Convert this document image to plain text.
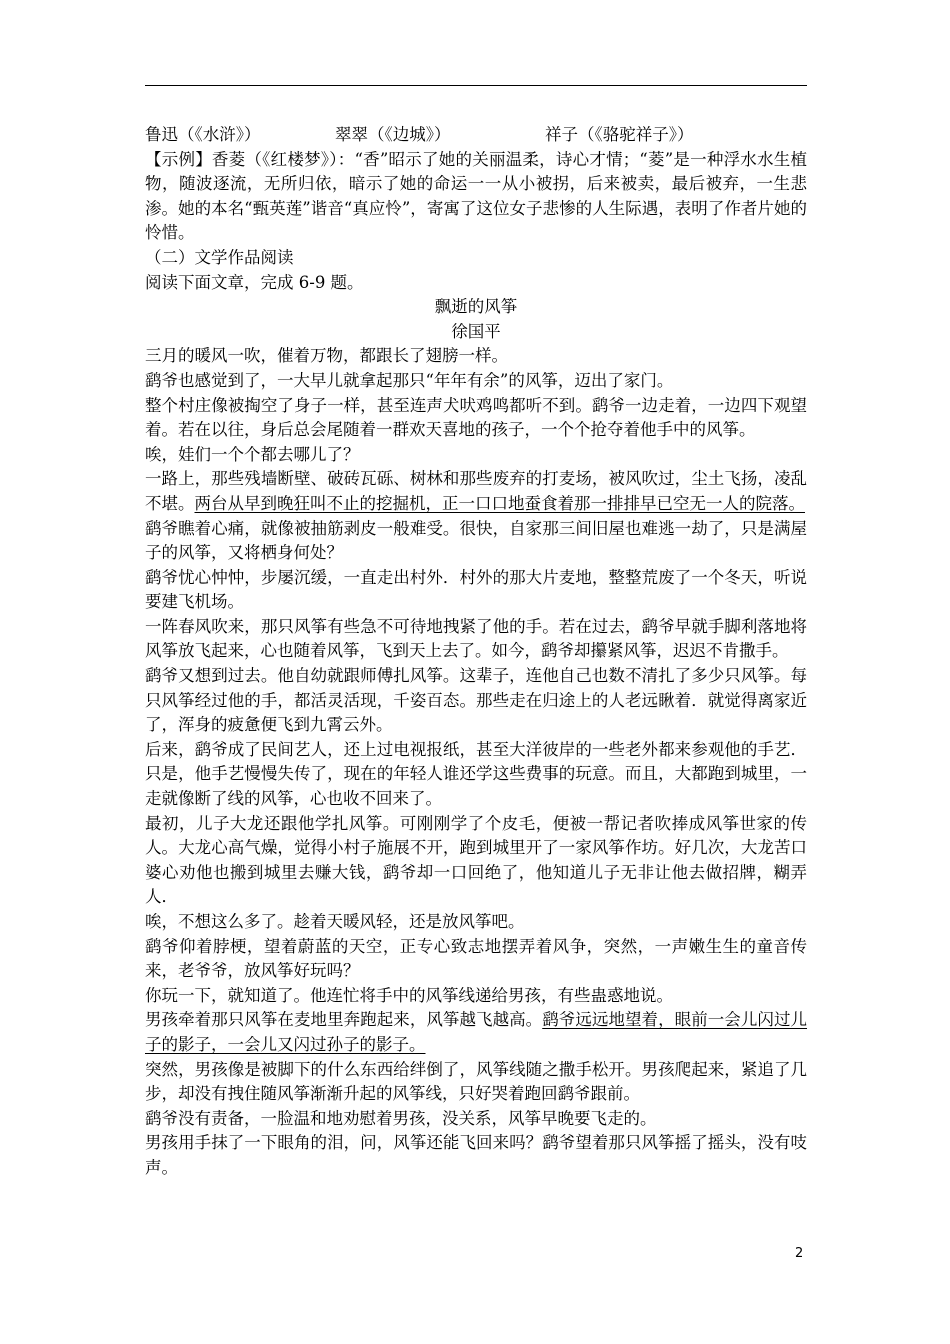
鲁迅（《水浒》）	翠翠（《边城》）	祥子（《骆驼祥子》）

【示例】香菱（《红楼梦》）：“香”昭示了她的关丽温柔，诗心才情；“菱”是一种浮水水生植物，随波逐流，无所归依，暗示了她的命运一一从小被拐，后来被卖，最后被弃，一生悲渗。她的本名“甄英莲”谐音“真应怜”，寄寓了这位女子悲惨的人生际遇，表明了作者片她的怜惜。

（二）文学作品阅读

阅读下面文章，完成 6-9 题。

飘逝的风筝

徐国平

三月的暖风一吹，催着万物，都跟长了翅膀一样。

鹞爷也感觉到了，一大早儿就拿起那只“年年有余”的风筝，迈出了家门。

整个村庄像被掏空了身子一样，甚至连声犬吠鸡鸣都听不到。鹞爷一边走着，一边四下观望着。若在以往，身后总会尾随着一群欢天喜地的孩子，一个个抢夺着他手中的风筝。

唉，娃们一个个都去哪儿了？

一路上，那些残墙断壁、破砖瓦砾、树林和那些废弃的打麦场，被风吹过，尘土飞扬，凌乱不堪。两台从早到晚狂叫不止的挖掘机，正一口口地蚕食着那一排排早已空无一人的院落。

鹞爷瞧着心痛，就像被抽筋剥皮一般难受。很快，自家那三间旧屋也难逃一劫了，只是满屋子的风筝，又将栖身何处？

鹞爷忧心忡忡，步屡沉缓，一直走出村外．村外的那大片麦地，整整荒废了一个冬天，听说要建飞机场。

一阵春风吹来，那只风筝有些急不可待地拽紧了他的手。若在过去，鹞爷早就手脚利落地将风筝放飞起来，心也随着风筝，飞到天上去了。如今，鹞爷却攥紧风筝，迟迟不肯撒手。

鹞爷又想到过去。他自幼就跟师傅扎风筝。这辈子，连他自己也数不清扎了多少只风筝。每只风筝经过他的手，都活灵活现，千姿百态。那些走在归途上的人老远瞅着．就觉得离家近了，浑身的疲惫便飞到九霄云外。

后来，鹞爷成了民间艺人，还上过电视报纸，甚至大洋彼岸的一些老外都来参观他的手艺．只是，他手艺慢慢失传了，现在的年轻人谁还学这些费事的玩意。而且，大都跑到城里，一走就像断了线的风筝，心也收不回来了。

最初，儿子大龙还跟他学扎风筝。可刚刚学了个皮毛，便被一帮记者吹捧成风筝世家的传人。大龙心高气燥，觉得小村子施展不开，跑到城里开了一家风筝作坊。好几次，大龙苦口婆心劝他也搬到城里去赚大钱，鹞爷却一口回绝了，他知道儿子无非让他去做招牌，糊弄人．

唉，不想这么多了。趁着天暖风轻，还是放风筝吧。

鹞爷仰着脖梗，望着蔚蓝的天空，正专心致志地摆弄着风争，突然，一声嫩生生的童音传来，老爷爷，放风筝好玩吗？

你玩一下，就知道了。他连忙将手中的风筝线递给男孩，有些蛊惑地说。

男孩牵着那只风筝在麦地里奔跑起来，风筝越飞越高。鹞爷远远地望着，眼前一会儿闪过儿子的影子，一会儿又闪过孙子的影子。

突然，男孩像是被脚下的什么东西给绊倒了，风筝线随之撒手松开。男孩爬起来，紧追了几步，却没有拽住随风筝渐渐升起的风筝线，只好哭着跑回鹞爷跟前。

鹞爷没有责备，一脸温和地劝慰着男孩，没关系，风筝早晚要飞走的。

男孩用手抹了一下眼角的泪，问，风筝还能飞回来吗？鹞爷望着那只风筝摇了摇头，没有吱声。

2
